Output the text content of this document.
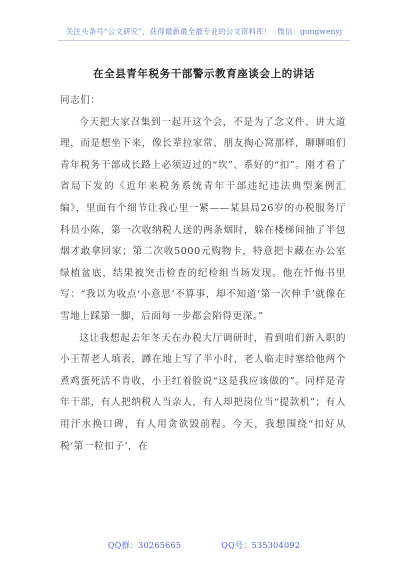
关注头条号“公文研究”，获得最新最全最专业的公文资料库！ 微信：gongwenyj
在全县青年税务干部警示教育座谈会上的讲话

同志们：

今天把大家召集到一起开这个会，不是为了念文件、讲大道理，而是想坐下来，像长辈拉家常、朋友掏心窝那样，聊聊咱们青年税务干部成长路上必须迈过的“坎”、系好的“扣”。刚才看了省局下发的《近年来税务系统青年干部违纪违法典型案例汇编》，里面有个细节让我心里一紧——某县局26岁的办税服务厅科员小陈，第一次收纳税人送的两条烟时，躲在楼梯间抽了半包烟才敢拿回家；第二次收5000元购物卡，特意把卡藏在办公室绿植盆底，结果被突击检查的纪检组当场发现。他在忏悔书里写：“我以为收点‘小意思’不算事，却不知道‘第一次伸手’就像在雪地上踩第一脚，后面每一步都会陷得更深。”

这让我想起去年冬天在办税大厅调研时，看到咱们新入职的小王帮老人填表，蹲在地上写了半小时，老人临走时塞给他两个煮鸡蛋死活不肯收，小王红着脸说“这是我应该做的”。同样是青年干部，有人把纳税人当亲人，有人却把岗位当“提款机”；有人用汗水换口碑，有人用贪欲毁前程。今天，我想围绕“扣好从税‘第一粒扣子’，在

QQ群：30265665	QQ号：535304092
